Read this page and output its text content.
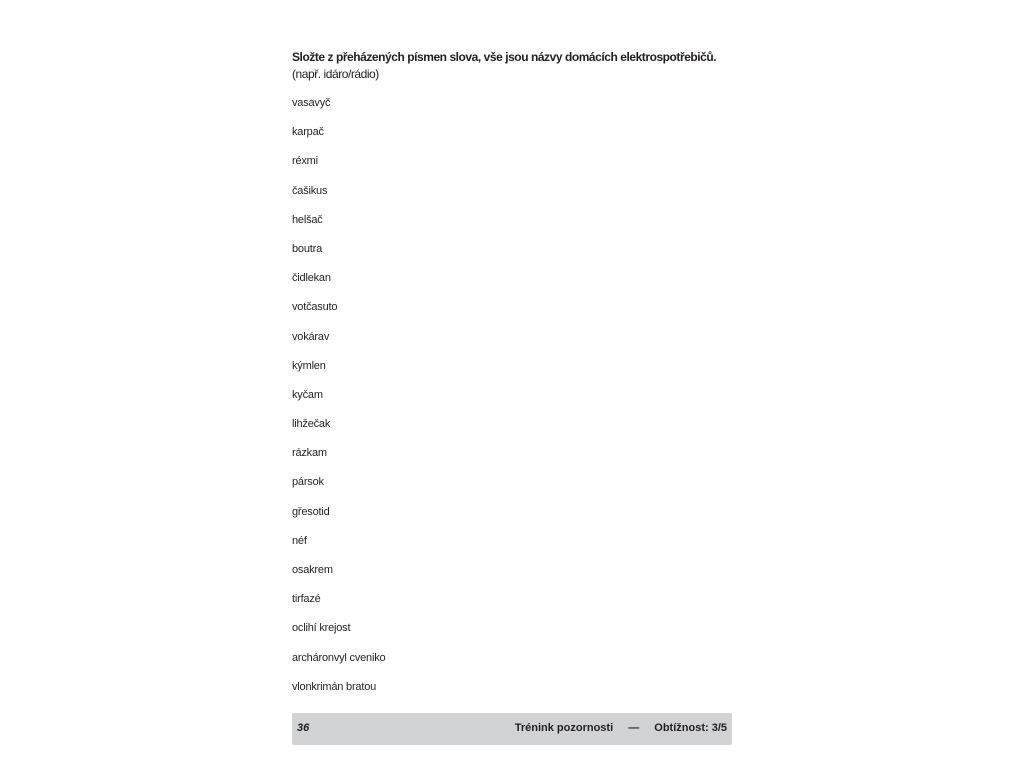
Složte z přeházených písmen slova, vše jsou názvy domácích elektrospotřebičů.
(např. idáro/rádio)
vasavyč
karpač
réxmi
čašikus
helšač
boutra
čidlekan
votčasuto
vokárav
kýmlen
kyčam
lihžečak
rázkam
pársok
gřesotid
néf
osakrem
tirfazé
oclihí krejost
archáronvyl cveniko
vlonkrimán bratou
36	Trénink pozornosti — Obtížnost: 3/5
